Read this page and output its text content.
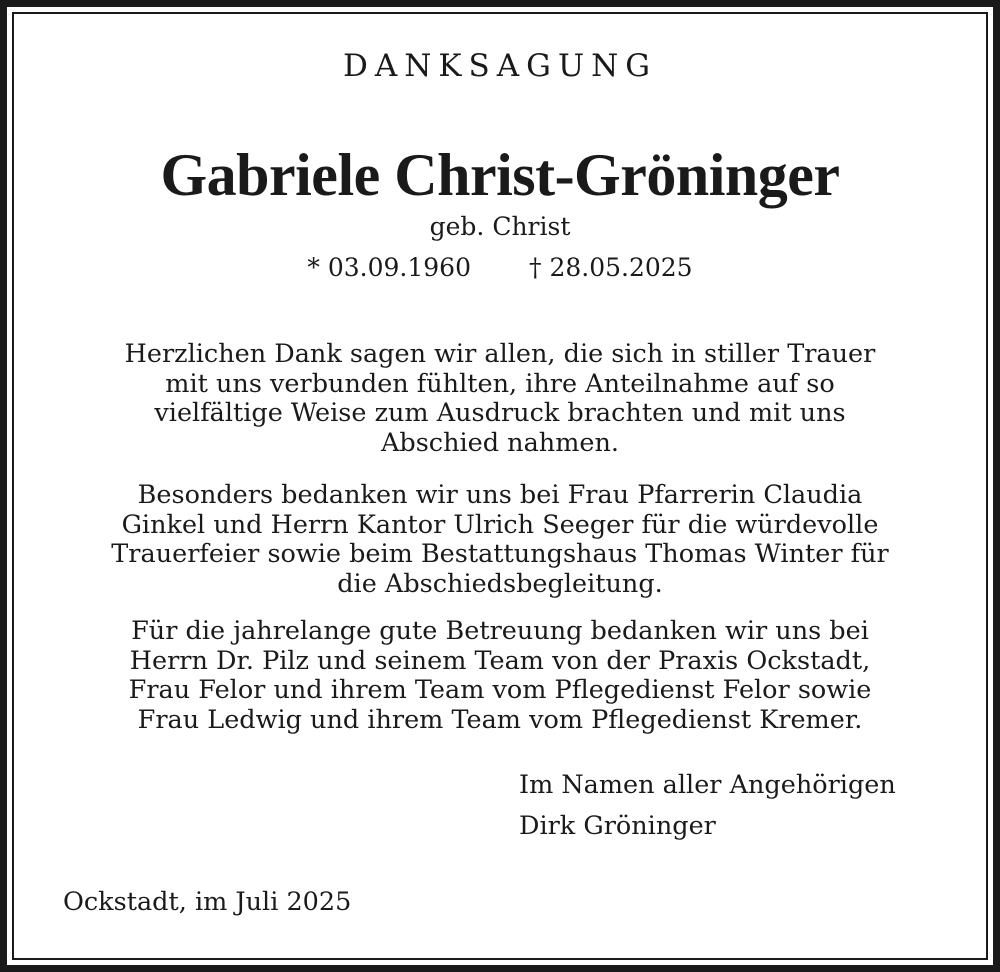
DANKSAGUNG
Gabriele Christ-Gröninger
geb. Christ
* 03.09.1960 † 28.05.2025

Herzlichen Dank sagen wir allen, die sich in stiller Trauer
mit uns verbunden fühlten, ihre Anteilnahme auf so
vielfältige Weise zum Ausdruck brachten und mit uns
Abschied nahmen.

Besonders bedanken wir uns bei Frau Pfarrerin Claudia
Ginkel und Herrn Kantor Ulrich Seeger für die würdevolle
Trauerfeier sowie beim Bestattungshaus Thomas Winter für
die Abschiedsbegleitung.

Für die jahrelange gute Betreuung bedanken wir uns bei
Herrn Dr. Pilz und seinem Team von der Praxis Ockstadt,
Frau Felor und ihrem Team vom Pflegedienst Felor sowie
Frau Ledwig und ihrem Team vom Pflegedienst Kremer.

Im Namen aller Angehörigen
Dirk Gröninger
Ockstadt, im Juli 2025
